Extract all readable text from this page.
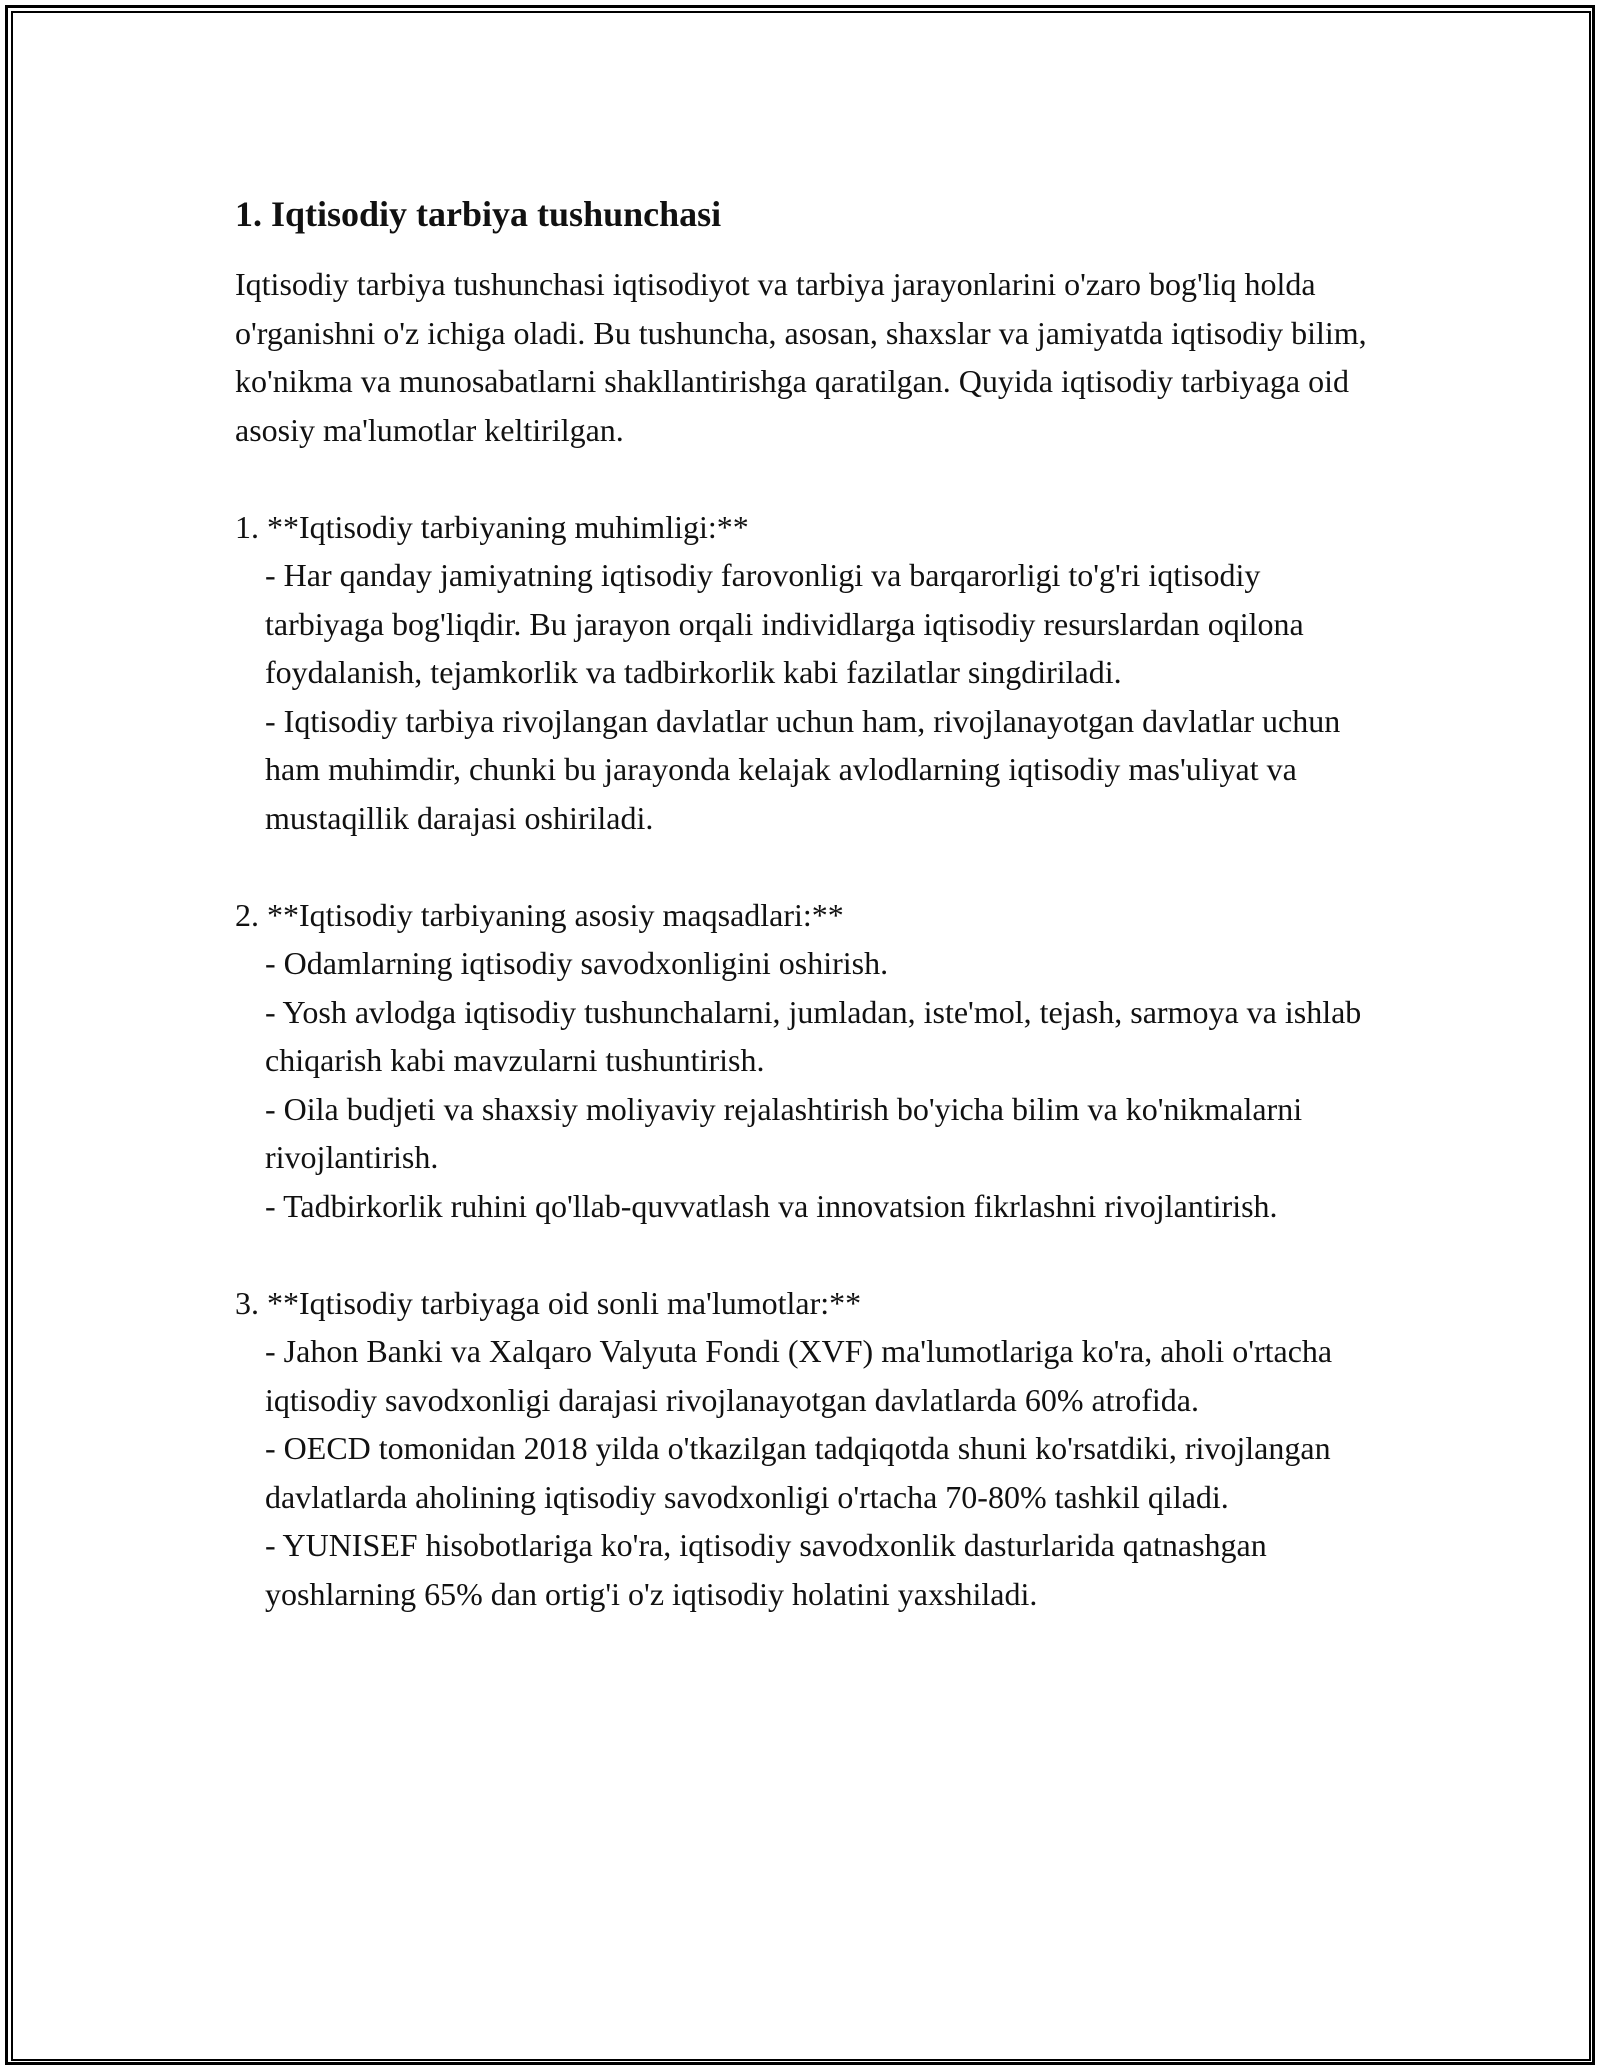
1. Iqtisodiy tarbiya tushunchasi

Iqtisodiy tarbiya tushunchasi iqtisodiyot va tarbiya jarayonlarini o'zaro bog'liq holda o'rganishni o'z ichiga oladi. Bu tushuncha, asosan, shaxslar va jamiyatda iqtisodiy bilim, ko'nikma va munosabatlarni shakllantirishga qaratilgan. Quyida iqtisodiy tarbiyaga oid asosiy ma'lumotlar keltirilgan.

1. **Iqtisodiy tarbiyaning muhimligi:**

- Har qanday jamiyatning iqtisodiy farovonligi va barqarorligi to'g'ri iqtisodiy tarbiyaga bog'liqdir. Bu jarayon orqali individlarga iqtisodiy resurslardan oqilona foydalanish, tejamkorlik va tadbirkorlik kabi fazilatlar singdiriladi.

- Iqtisodiy tarbiya rivojlangan davlatlar uchun ham, rivojlanayotgan davlatlar uchun ham muhimdir, chunki bu jarayonda kelajak avlodlarning iqtisodiy mas'uliyat va mustaqillik darajasi oshiriladi.

2. **Iqtisodiy tarbiyaning asosiy maqsadlari:**

- Odamlarning iqtisodiy savodxonligini oshirish.

- Yosh avlodga iqtisodiy tushunchalarni, jumladan, iste'mol, tejash, sarmoya va ishlab chiqarish kabi mavzularni tushuntirish.

- Oila budjeti va shaxsiy moliyaviy rejalashtirish bo'yicha bilim va ko'nikmalarni rivojlantirish.

- Tadbirkorlik ruhini qo'llab-quvvatlash va innovatsion fikrlashni rivojlantirish.

3. **Iqtisodiy tarbiyaga oid sonli ma'lumotlar:**

- Jahon Banki va Xalqaro Valyuta Fondi (XVF) ma'lumotlariga ko'ra, aholi o'rtacha iqtisodiy savodxonligi darajasi rivojlanayotgan davlatlarda 60% atrofida.

- OECD tomonidan 2018 yilda o'tkazilgan tadqiqotda shuni ko'rsatdiki, rivojlangan davlatlarda aholining iqtisodiy savodxonligi o'rtacha 70-80% tashkil qiladi.

- YUNISEF hisobotlariga ko'ra, iqtisodiy savodxonlik dasturlarida qatnashgan yoshlarning 65% dan ortig'i o'z iqtisodiy holatini yaxshiladi.
